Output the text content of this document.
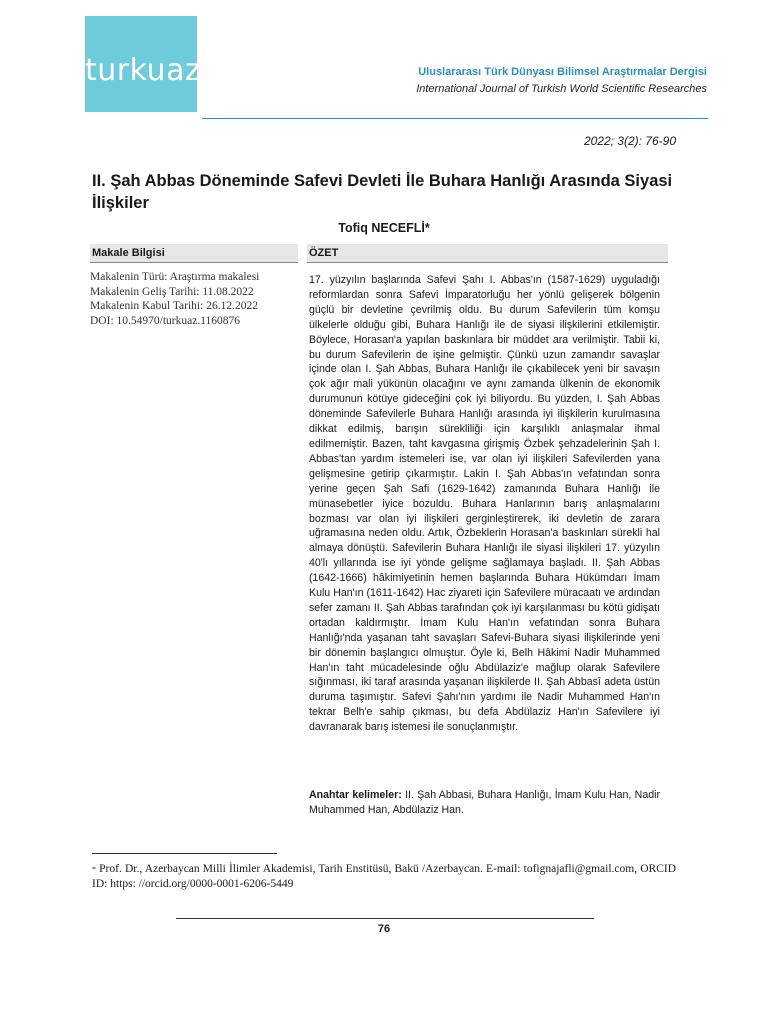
turkuaz	Uluslararası Türk Dünyası Bilimsel Araştırmalar Dergisi
International Journal of Turkish World Scientific Researches
2022; 3(2): 76-90
II. Şah Abbas Döneminde Safevi Devleti İle Buhara Hanlığı Arasında Siyasi İlişkiler
Tofiq NECEFLİ*
Makale Bilgisi	ÖZET
Makalenin Türü: Araştırma makalesi
Makalenin Geliş Tarihi: 11.08.2022
Makalenin Kabul Tarihi: 26.12.2022
DOI: 10.54970/turkuaz.1160876

17. yüzyılın başlarında Safevi Şahı I. Abbas'ın (1587-1629) uyguladığı reformlardan sonra Safevi İmparatorluğu her yönlü gelişerek bölgenin güçlü bir devletine çevrilmiş oldu. Bu durum Safevilerin tüm komşu ülkelerle olduğu gibi, Buhara Hanlığı ile de siyasi ilişkilerini etkilemiştir. Böylece, Horasan'a yapılan baskınlara bir müddet ara verilmiştir. Tabii ki, bu durum Safevilerin de işine gelmiştir. Çünkü uzun zamandır savaşlar içinde olan I. Şah Abbas, Buhara Hanlığı ile çıkabilecek yeni bir savaşın çok ağır mali yükünün olacağını ve aynı zamanda ülkenin de ekonomik durumunun kötüye gideceğini çok iyi biliyordu. Bu yüzden, I. Şah Abbas döneminde Safevilerle Buhara Hanlığı arasında iyi ilişkilerin kurulmasına dikkat edilmiş, barışın sürekliliği için karşılıklı anlaşmalar ihmal edilmemiştir. Bazen, taht kavgasına girişmiş Özbek şehzadelerinin Şah I. Abbas'tan yardım istemeleri ise, var olan iyi ilişkileri Safevilerden yana gelişmesine getirip çıkarmıştır. Lakin I. Şah Abbas'ın vefatından sonra yerine geçen Şah Safi (1629-1642) zamanında Buhara Hanlığı ile münasebetler iyice bozuldu. Buhara Hanlarının barış anlaşmalarını bozması var olan iyi ilişkileri gerginleştirerek, iki devletin de zarara uğramasına neden oldu. Artık, Özbeklerin Horasan'a baskınları sürekli hal almaya dönüştü. Safevilerin Buhara Hanlığı ile siyasi ilişkileri 17. yüzyılın 40'lı yıllarında ise iyi yönde gelişme sağlamaya başladı. II. Şah Abbas (1642-1666) hâkimiyetinin hemen başlarında Buhara Hükümdarı İmam Kulu Han'ın (1611-1642) Hac ziyareti için Safevilere müracaatı ve ardından sefer zamanı II. Şah Abbas tarafından çok iyi karşılanması bu kötü gidişatı ortadan kaldırmıştır. İmam Kulu Han'ın vefatından sonra Buhara Hanlığı'nda yaşanan taht savaşları Safevi-Buhara siyasi ilişkilerinde yeni bir dönemin başlangıcı olmuştur. Öyle ki, Belh Hâkimi Nadir Muhammed Han'ın taht mücadelesinde oğlu Abdülaziz'e mağlup olarak Safevilere sığınması, iki taraf arasında yaşanan ilişkilerde II. Şah Abbasî adeta üstün duruma taşımıştır. Safevi Şahı'nın yardımı ile Nadir Muhammed Han'ın tekrar Belh'e sahip çıkması, bu defa Abdülaziz Han'ın Safevilere iyi davranarak barış istemesi ile sonuçlanmıştır.

Anahtar kelimeler: II. Şah Abbasi, Buhara Hanlığı, İmam Kulu Han, Nadir Muhammed Han, Abdülaziz Han.

* Prof. Dr., Azerbaycan Milli İlimler Akademisi, Tarih Enstitüsü, Bakü /Azerbaycan. E-mail: tofignajafli@gmail.com, ORCID ID: https: //orcid.org/0000-0001-6206-5449

76
